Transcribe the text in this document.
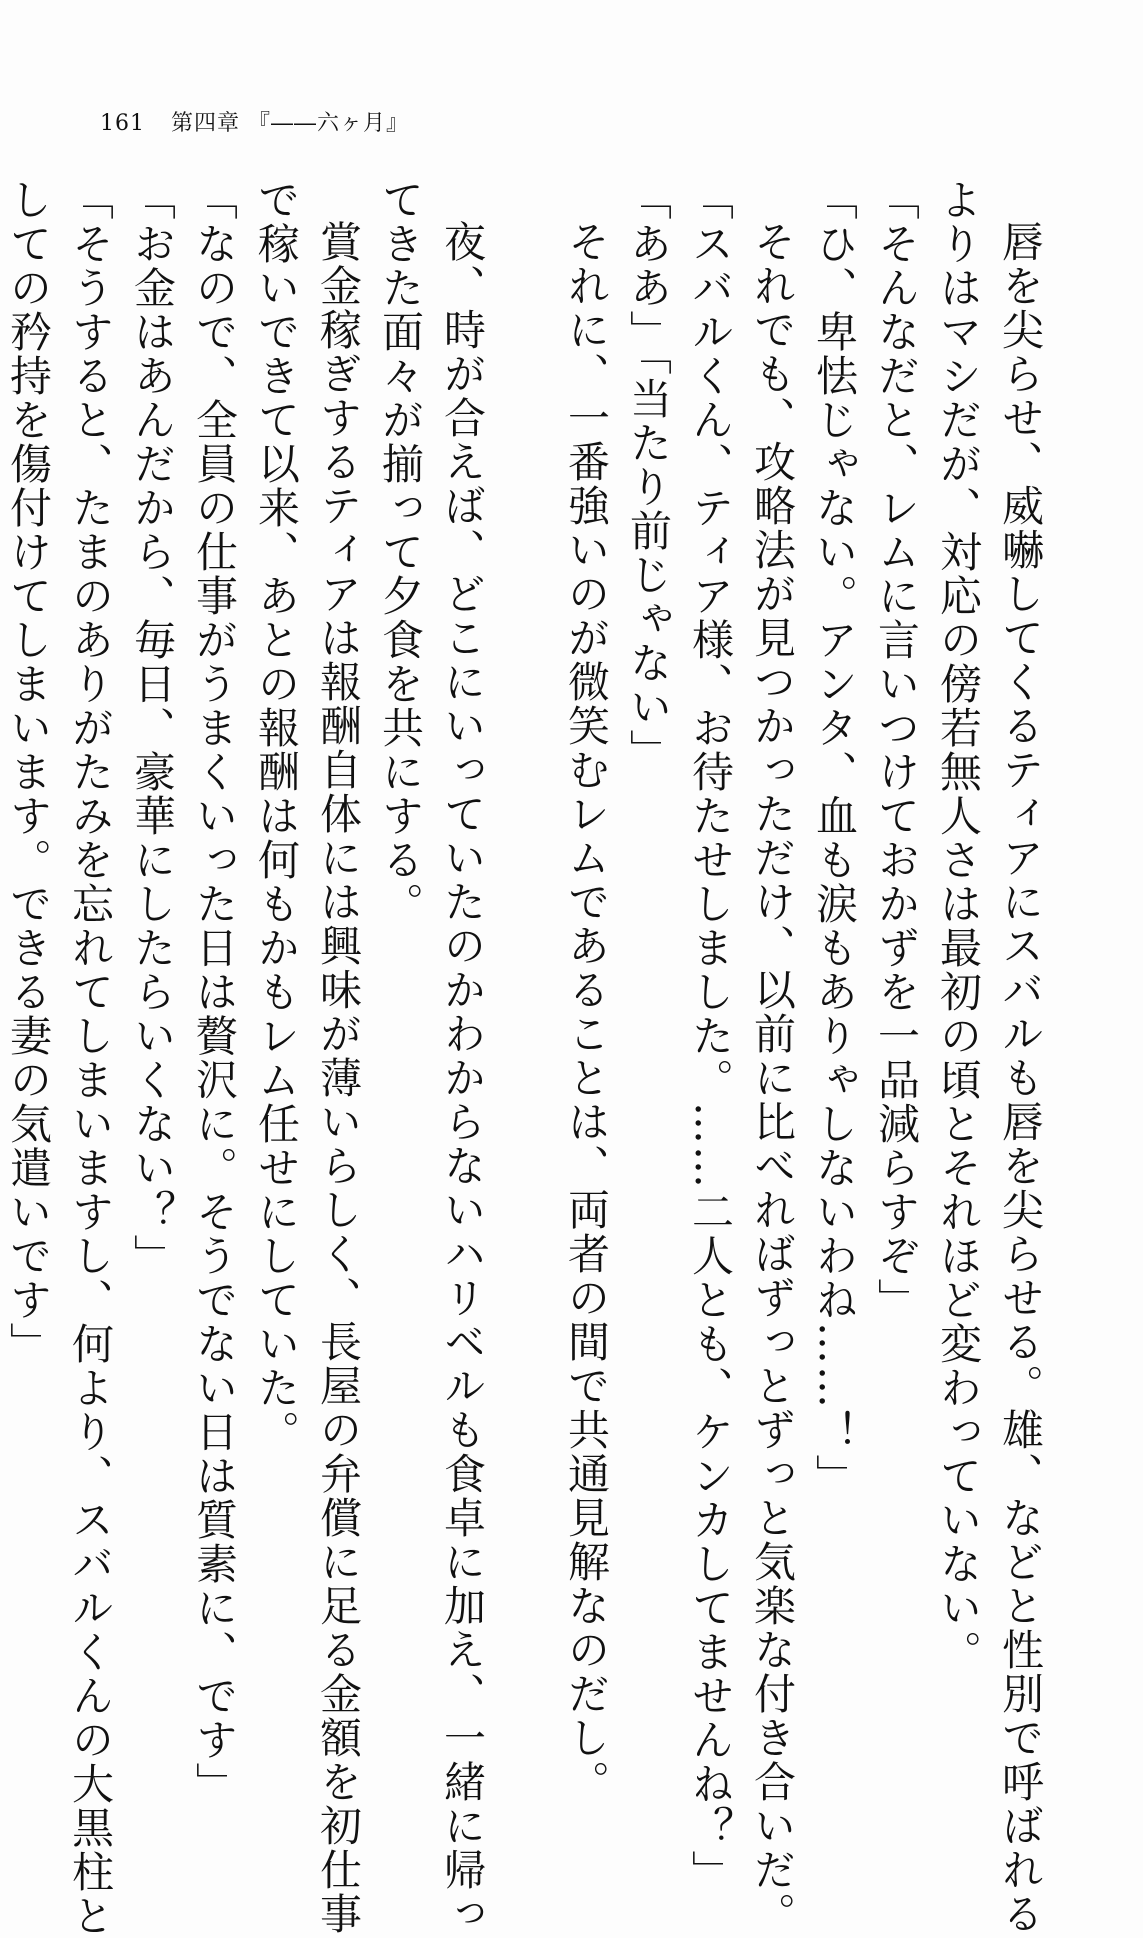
161 第四章 『――六ヶ月』
唇を尖らせ、威嚇してくるティアにスバルも唇を尖らせる。雄、などと性別で呼ばれる
よりはマシだが、対応の傍若無人さは最初の頃とそれほど変わっていない。
「そんなだと、レムに言いつけておかずを一品減らすぞ」
「ひ、卑怯じゃない。アンタ、血も涙もありゃしないわね……！」
それでも、攻略法が見つかっただけ、以前に比べればずっとずっと気楽な付き合いだ。
「スバルくん、ティア様、お待たせしました。……二人とも、ケンカしてませんね？」
「ああ」「当たり前じゃない」
それに、一番強いのが微笑むレムであることは、両者の間で共通見解なのだし。
夜、時が合えば、どこにいっていたのかわからないハリベルも食卓に加え、一緒に帰っ
てきた面々が揃って夕食を共にする。
賞金稼ぎするティアは報酬自体には興味が薄いらしく、長屋の弁償に足る金額を初仕事
で稼いできて以来、あとの報酬は何もかもレム任せにしていた。
「なので、全員の仕事がうまくいった日は贅沢に。そうでない日は質素に、です」
「お金はあんだから、毎日、豪華にしたらいくない？」
「そうすると、たまのありがたみを忘れてしまいますし、何より、スバルくんの大黒柱と
しての矜持を傷付けてしまいます。できる妻の気遣いです」
